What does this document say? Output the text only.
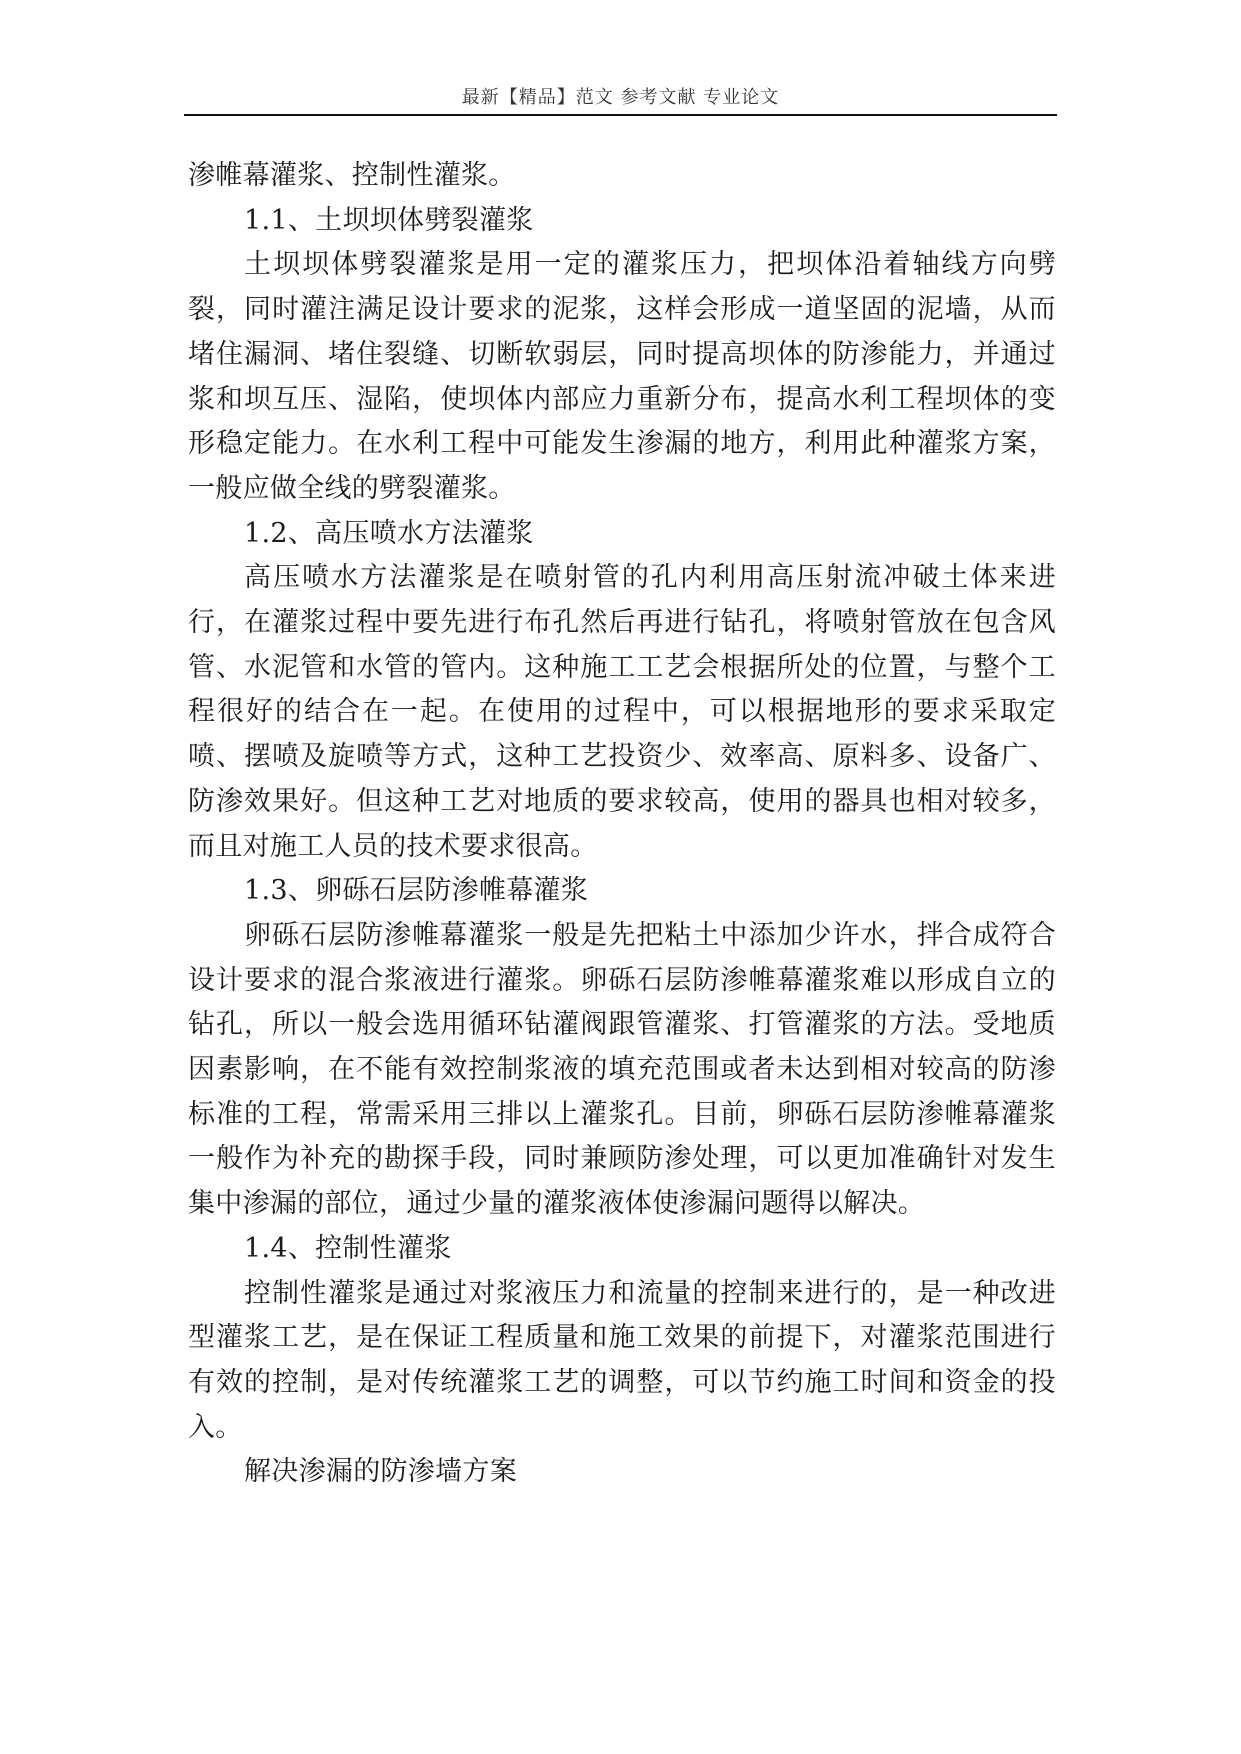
最新【精品】范文 参考文献 专业论文

渗帷幕灌浆、控制性灌浆。

1.1、土坝坝体劈裂灌浆

土坝坝体劈裂灌浆是用一定的灌浆压力，把坝体沿着轴线方向劈裂，同时灌注满足设计要求的泥浆，这样会形成一道坚固的泥墙，从而堵住漏洞、堵住裂缝、切断软弱层，同时提高坝体的防渗能力，并通过浆和坝互压、湿陷，使坝体内部应力重新分布，提高水利工程坝体的变形稳定能力。在水利工程中可能发生渗漏的地方，利用此种灌浆方案，一般应做全线的劈裂灌浆。

1.2、高压喷水方法灌浆

高压喷水方法灌浆是在喷射管的孔内利用高压射流冲破土体来进行，在灌浆过程中要先进行布孔然后再进行钻孔，将喷射管放在包含风管、水泥管和水管的管内。这种施工工艺会根据所处的位置，与整个工程很好的结合在一起。在使用的过程中，可以根据地形的要求采取定喷、摆喷及旋喷等方式，这种工艺投资少、效率高、原料多、设备广、防渗效果好。但这种工艺对地质的要求较高，使用的器具也相对较多，而且对施工人员的技术要求很高。

1.3、卵砾石层防渗帷幕灌浆

卵砾石层防渗帷幕灌浆一般是先把粘土中添加少许水，拌合成符合设计要求的混合浆液进行灌浆。卵砾石层防渗帷幕灌浆难以形成自立的钻孔，所以一般会选用循环钻灌阀跟管灌浆、打管灌浆的方法。受地质因素影响，在不能有效控制浆液的填充范围或者未达到相对较高的防渗标准的工程，常需采用三排以上灌浆孔。目前，卵砾石层防渗帷幕灌浆一般作为补充的勘探手段，同时兼顾防渗处理，可以更加准确针对发生集中渗漏的部位，通过少量的灌浆液体使渗漏问题得以解决。

1.4、控制性灌浆

控制性灌浆是通过对浆液压力和流量的控制来进行的，是一种改进型灌浆工艺，是在保证工程质量和施工效果的前提下，对灌浆范围进行有效的控制，是对传统灌浆工艺的调整，可以节约施工时间和资金的投入。

解决渗漏的防渗墙方案
